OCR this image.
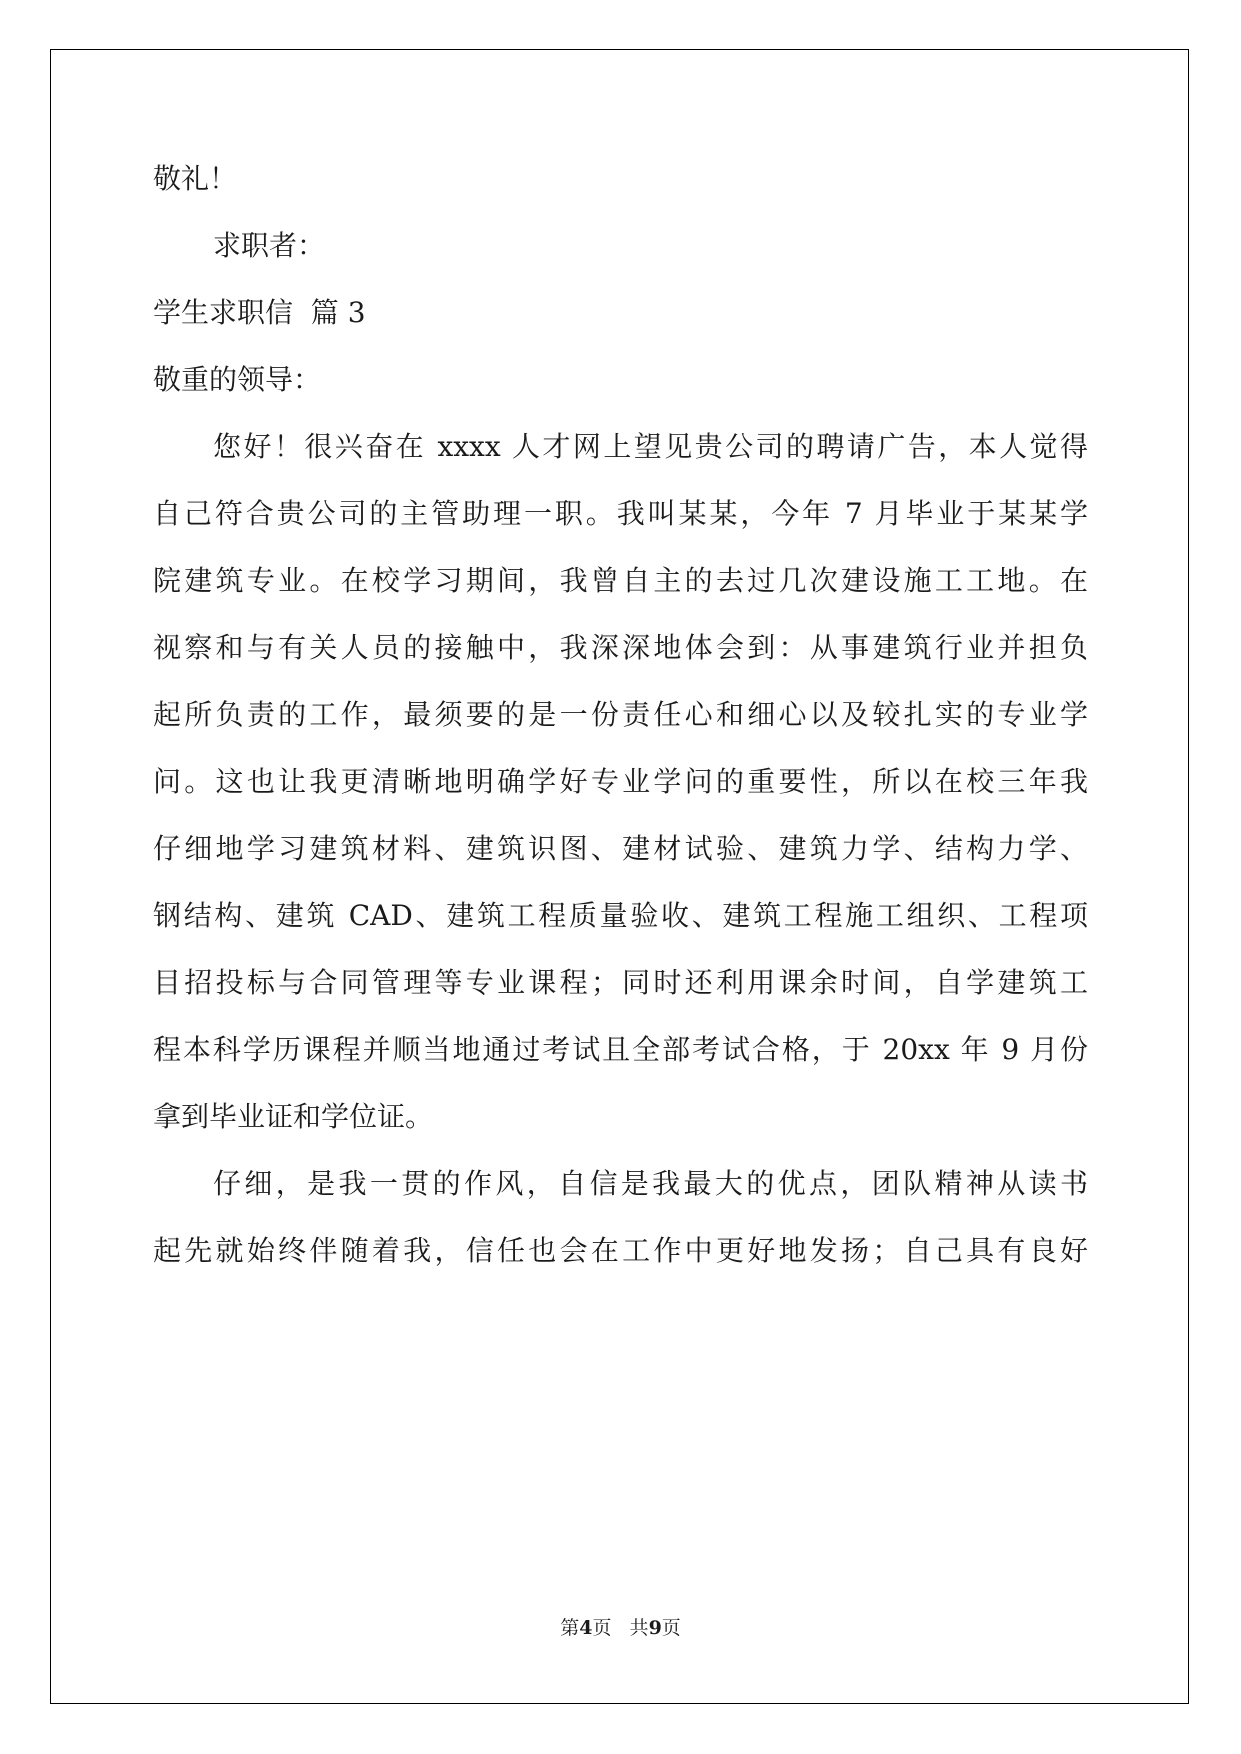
敬礼！
求职者：
学生求职信  篇 3
敬重的领导：
您好！很兴奋在 xxxx 人才网上望见贵公司的聘请广告，本人觉得
自己符合贵公司的主管助理一职。我叫某某，今年 7 月毕业于某某学
院建筑专业。在校学习期间，我曾自主的去过几次建设施工工地。在
视察和与有关人员的接触中，我深深地体会到：从事建筑行业并担负
起所负责的工作，最须要的是一份责任心和细心以及较扎实的专业学
问。这也让我更清晰地明确学好专业学问的重要性，所以在校三年我
仔细地学习建筑材料、建筑识图、建材试验、建筑力学、结构力学、
钢结构、建筑 CAD、建筑工程质量验收、建筑工程施工组织、工程项
目招投标与合同管理等专业课程；同时还利用课余时间，自学建筑工
程本科学历课程并顺当地通过考试且全部考试合格，于 20xx 年 9 月份
拿到毕业证和学位证。
仔细，是我一贯的作风，自信是我最大的优点，团队精神从读书
起先就始终伴随着我，信任也会在工作中更好地发扬；自己具有良好
第4页   共9页
